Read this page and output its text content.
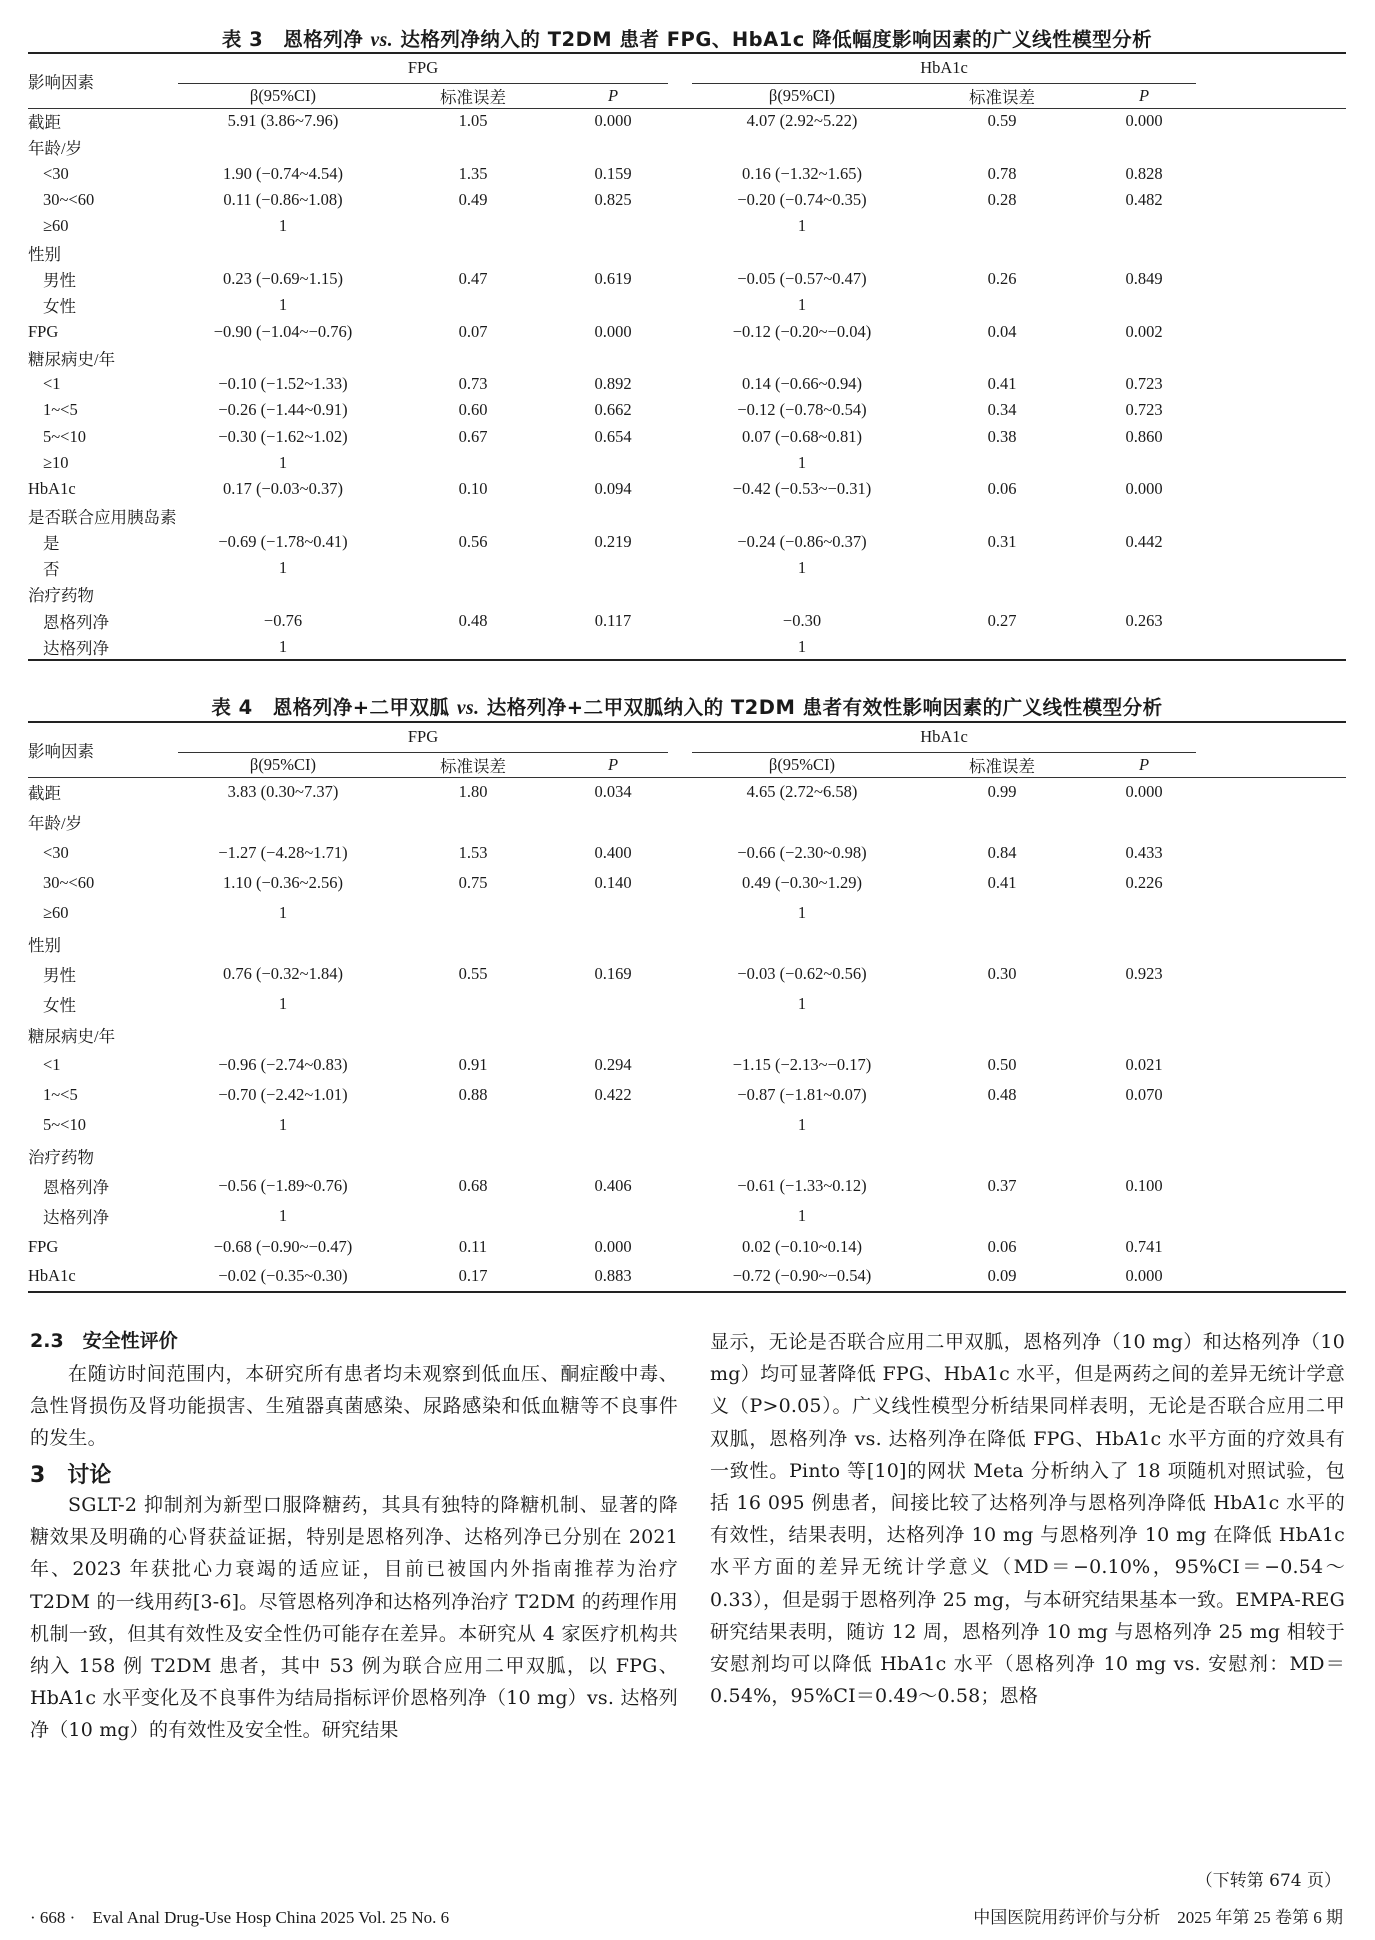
表 3　恩格列净 vs. 达格列净纳入的 T2DM 患者 FPG、HbA1c 降低幅度影响因素的广义线性模型分析
影响因素	FPG				HbA1c			
	β(95%CI)	标准误差	P		β(95%CI)	标准误差	P	
截距	5.91 (3.86~7.96)	1.05	0.000		4.07 (2.92~5.22)	0.59	0.000	
年龄/岁								
<30	1.90 (−0.74~4.54)	1.35	0.159		0.16 (−1.32~1.65)	0.78	0.828	
30~<60	0.11 (−0.86~1.08)	0.49	0.825		−0.20 (−0.74~0.35)	0.28	0.482	
≥60	1				1			
性别								
男性	0.23 (−0.69~1.15)	0.47	0.619		−0.05 (−0.57~0.47)	0.26	0.849	
女性	1				1			
FPG	−0.90 (−1.04~−0.76)	0.07	0.000		−0.12 (−0.20~−0.04)	0.04	0.002	
糖尿病史/年								
<1	−0.10 (−1.52~1.33)	0.73	0.892		0.14 (−0.66~0.94)	0.41	0.723	
1~<5	−0.26 (−1.44~0.91)	0.60	0.662		−0.12 (−0.78~0.54)	0.34	0.723	
5~<10	−0.30 (−1.62~1.02)	0.67	0.654		0.07 (−0.68~0.81)	0.38	0.860	
≥10	1				1			
HbA1c	0.17 (−0.03~0.37)	0.10	0.094		−0.42 (−0.53~−0.31)	0.06	0.000	
是否联合应用胰岛素								
是	−0.69 (−1.78~0.41)	0.56	0.219		−0.24 (−0.86~0.37)	0.31	0.442	
否	1				1			
治疗药物								
恩格列净	−0.76	0.48	0.117		−0.30	0.27	0.263	
达格列净	1				1			
表 4　恩格列净+二甲双胍 vs. 达格列净+二甲双胍纳入的 T2DM 患者有效性影响因素的广义线性模型分析
影响因素	FPG				HbA1c			
	β(95%CI)	标准误差	P		β(95%CI)	标准误差	P	
截距	3.83 (0.30~7.37)	1.80	0.034		4.65 (2.72~6.58)	0.99	0.000	
年龄/岁								
<30	−1.27 (−4.28~1.71)	1.53	0.400		−0.66 (−2.30~0.98)	0.84	0.433	
30~<60	1.10 (−0.36~2.56)	0.75	0.140		0.49 (−0.30~1.29)	0.41	0.226	
≥60	1				1			
性别								
男性	0.76 (−0.32~1.84)	0.55	0.169		−0.03 (−0.62~0.56)	0.30	0.923	
女性	1				1			
糖尿病史/年								
<1	−0.96 (−2.74~0.83)	0.91	0.294		−1.15 (−2.13~−0.17)	0.50	0.021	
1~<5	−0.70 (−2.42~1.01)	0.88	0.422		−0.87 (−1.81~0.07)	0.48	0.070	
5~<10	1				1			
治疗药物								
恩格列净	−0.56 (−1.89~0.76)	0.68	0.406		−0.61 (−1.33~0.12)	0.37	0.100	
达格列净	1				1			
FPG	−0.68 (−0.90~−0.47)	0.11	0.000		0.02 (−0.10~0.14)	0.06	0.741	
HbA1c	−0.02 (−0.35~0.30)	0.17	0.883		−0.72 (−0.90~−0.54)	0.09	0.000	
2.3　安全性评价
在随访时间范围内，本研究所有患者均未观察到低血压、酮症酸中毒、急性肾损伤及肾功能损害、生殖器真菌感染、尿路感染和低血糖等不良事件的发生。
3　讨论
SGLT-2 抑制剂为新型口服降糖药，其具有独特的降糖机制、显著的降糖效果及明确的心肾获益证据，特别是恩格列净、达格列净已分别在 2021 年、2023 年获批心力衰竭的适应证，目前已被国内外指南推荐为治疗 T2DM 的一线用药[3-6]。尽管恩格列净和达格列净治疗 T2DM 的药理作用机制一致，但其有效性及安全性仍可能存在差异。本研究从 4 家医疗机构共纳入 158 例 T2DM 患者，其中 53 例为联合应用二甲双胍，以 FPG、HbA1c 水平变化及不良事件为结局指标评价恩格列净（10 mg）vs. 达格列净（10 mg）的有效性及安全性。研究结果
显示，无论是否联合应用二甲双胍，恩格列净（10 mg）和达格列净（10 mg）均可显著降低 FPG、HbA1c 水平，但是两药之间的差异无统计学意义（P>0.05）。广义线性模型分析结果同样表明，无论是否联合应用二甲双胍，恩格列净 vs. 达格列净在降低 FPG、HbA1c 水平方面的疗效具有一致性。Pinto 等[10]的网状 Meta 分析纳入了 18 项随机对照试验，包括 16 095 例患者，间接比较了达格列净与恩格列净降低 HbA1c 水平的有效性，结果表明，达格列净 10 mg 与恩格列净 10 mg 在降低 HbA1c 水平方面的差异无统计学意义（MD＝−0.10%，95%CI＝−0.54～0.33），但是弱于恩格列净 25 mg，与本研究结果基本一致。EMPA-REG 研究结果表明，随访 12 周，恩格列净 10 mg 与恩格列净 25 mg 相较于安慰剂均可以降低 HbA1c 水平（恩格列净 10 mg vs. 安慰剂：MD＝0.54%，95%CI＝0.49～0.58；恩格
（下转第 674 页）
· 668 ·　Eval Anal Drug-Use Hosp China 2025 Vol. 25 No. 6	中国医院用药评价与分析　2025 年第 25 卷第 6 期
